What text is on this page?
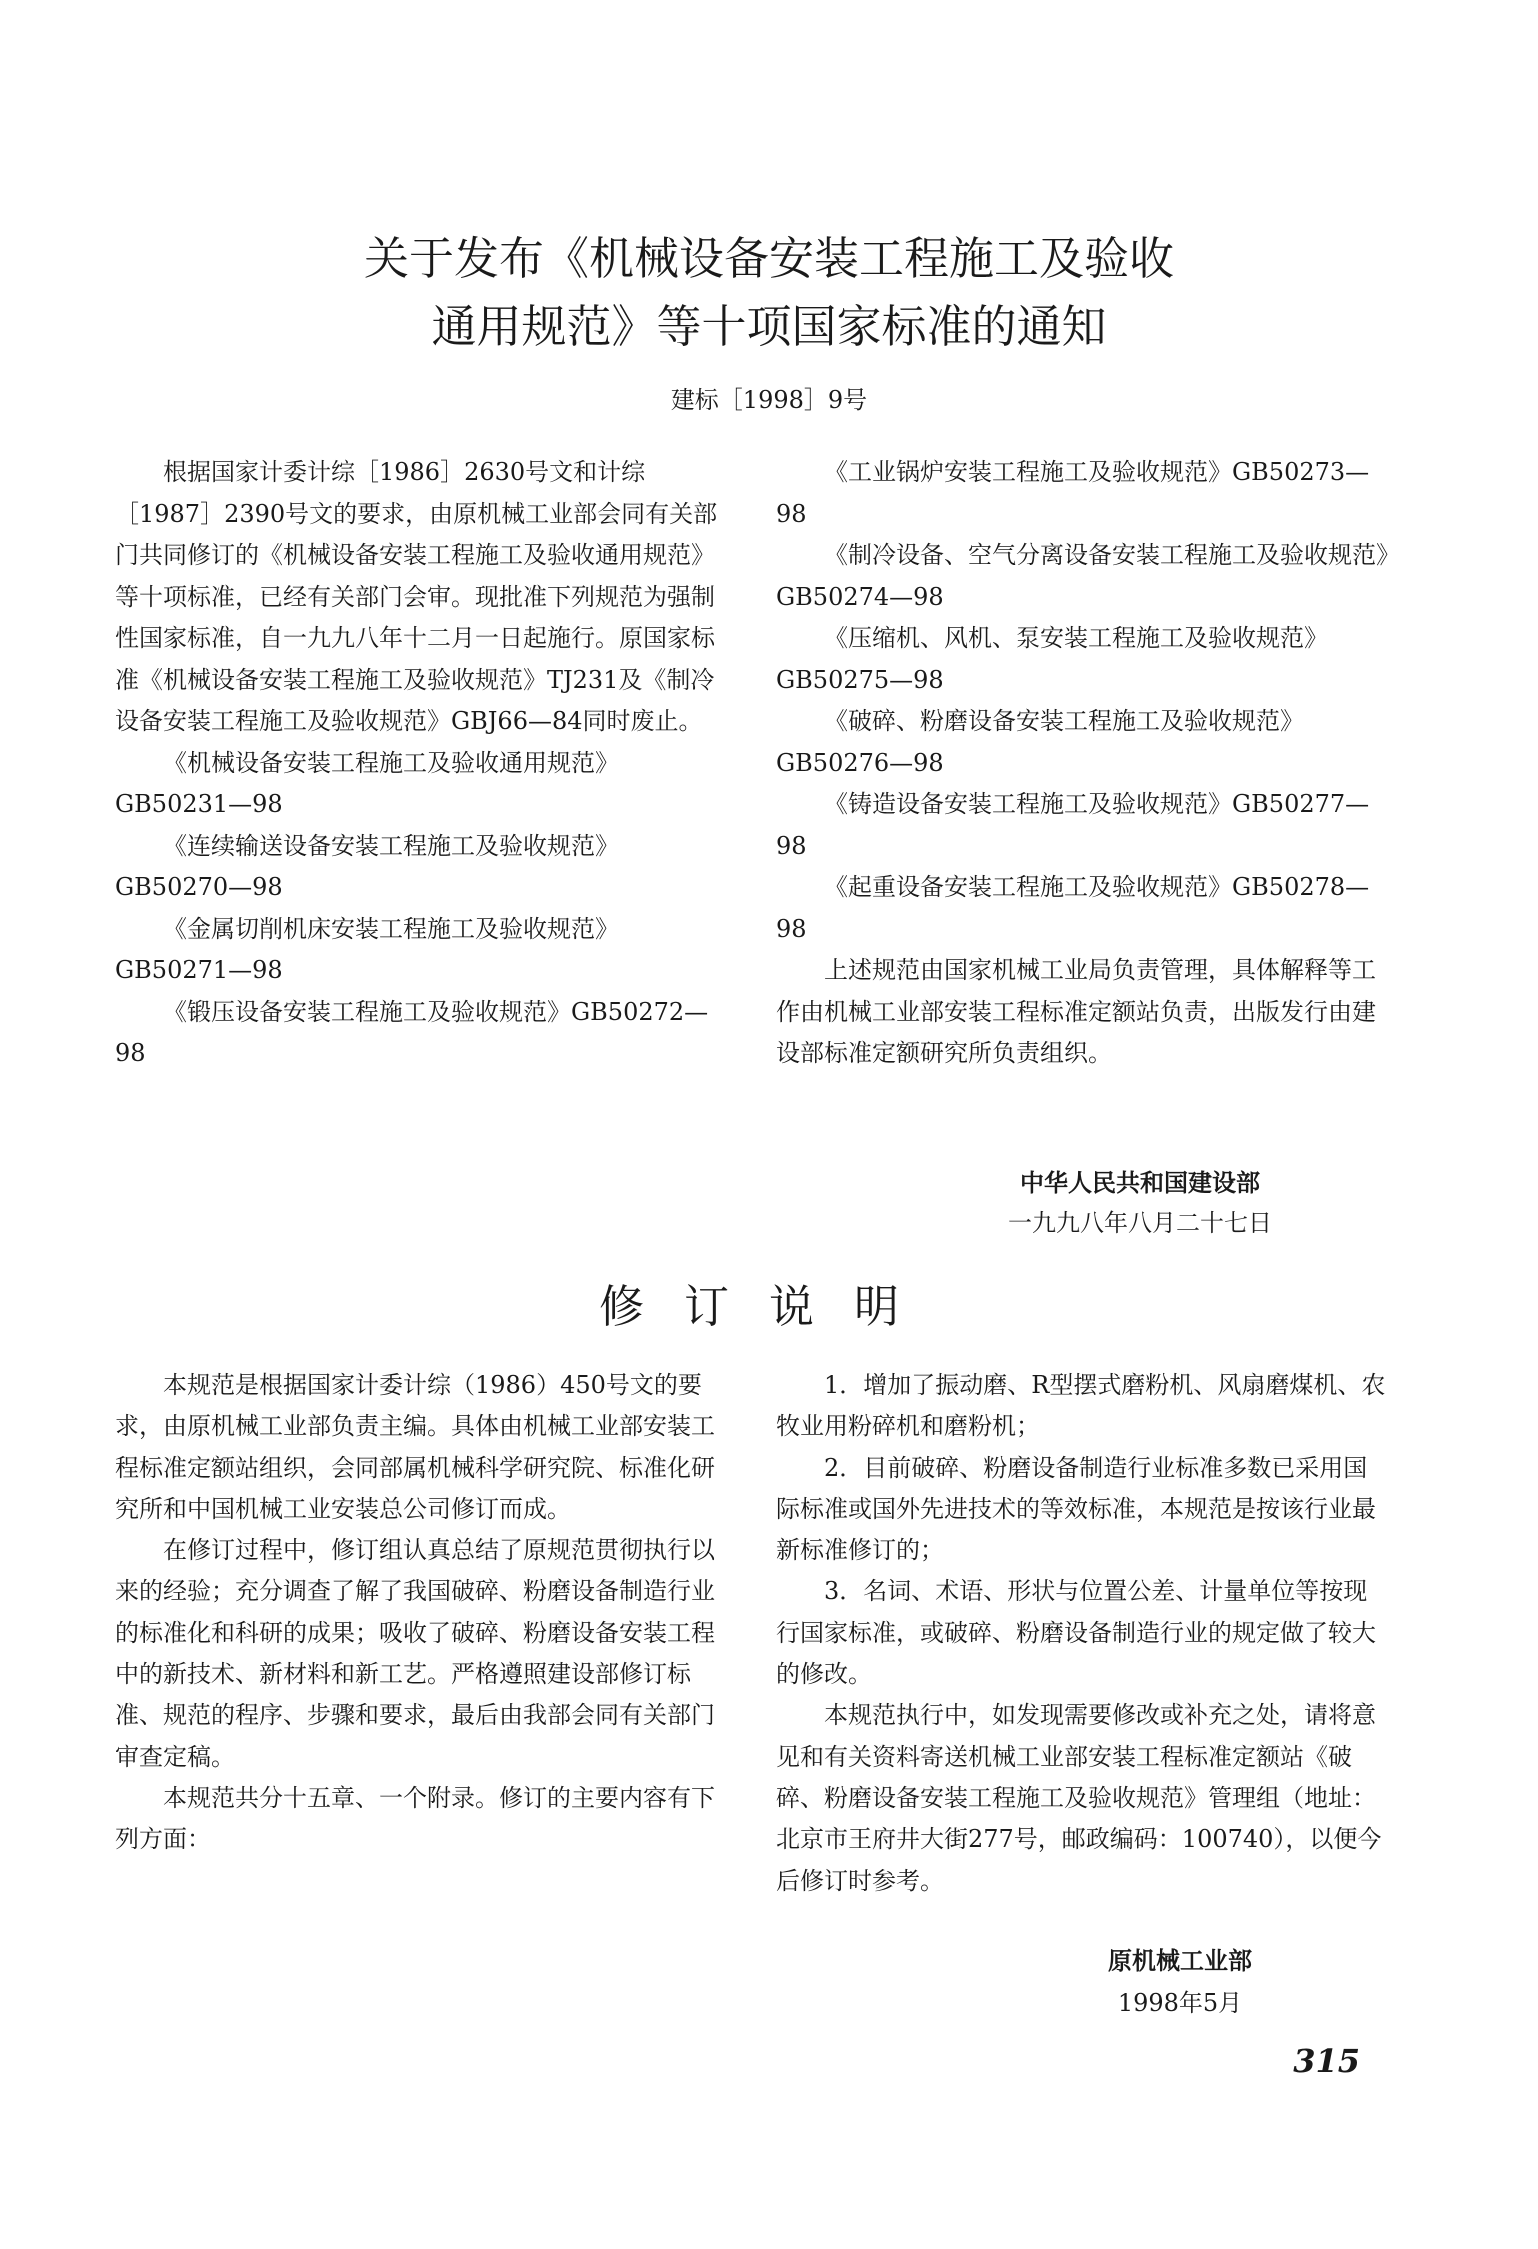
关于发布《机械设备安装工程施工及验收
通用规范》等十项国家标准的通知
建标［1998］9号

根据国家计委计综［1986］2630号文和计综［1987］2390号文的要求，由原机械工业部会同有关部门共同修订的《机械设备安装工程施工及验收通用规范》等十项标准，已经有关部门会审。现批准下列规范为强制性国家标准，自一九九八年十二月一日起施行。原国家标准《机械设备安装工程施工及验收规范》TJ231及《制冷设备安装工程施工及验收规范》GBJ66—84同时废止。

《机械设备安装工程施工及验收通用规范》GB50231—98

《连续输送设备安装工程施工及验收规范》GB50270—98

《金属切削机床安装工程施工及验收规范》GB50271—98

《锻压设备安装工程施工及验收规范》GB50272—98

《工业锅炉安装工程施工及验收规范》GB50273—98

《制冷设备、空气分离设备安装工程施工及验收规范》GB50274—98

《压缩机、风机、泵安装工程施工及验收规范》GB50275—98

《破碎、粉磨设备安装工程施工及验收规范》GB50276—98

《铸造设备安装工程施工及验收规范》GB50277—98

《起重设备安装工程施工及验收规范》GB50278—98

上述规范由国家机械工业局负责管理，具体解释等工作由机械工业部安装工程标准定额站负责，出版发行由建设部标准定额研究所负责组织。

中华人民共和国建设部
一九九八年八月二十七日
修订说明

本规范是根据国家计委计综（1986）450号文的要求，由原机械工业部负责主编。具体由机械工业部安装工程标准定额站组织，会同部属机械科学研究院、标准化研究所和中国机械工业安装总公司修订而成。

在修订过程中，修订组认真总结了原规范贯彻执行以来的经验；充分调查了解了我国破碎、粉磨设备制造行业的标准化和科研的成果；吸收了破碎、粉磨设备安装工程中的新技术、新材料和新工艺。严格遵照建设部修订标准、规范的程序、步骤和要求，最后由我部会同有关部门审查定稿。

本规范共分十五章、一个附录。修订的主要内容有下列方面：

1．增加了振动磨、R型摆式磨粉机、风扇磨煤机、农牧业用粉碎机和磨粉机；

2．目前破碎、粉磨设备制造行业标准多数已采用国际标准或国外先进技术的等效标准，本规范是按该行业最新标准修订的；

3．名词、术语、形状与位置公差、计量单位等按现行国家标准，或破碎、粉磨设备制造行业的规定做了较大的修改。

本规范执行中，如发现需要修改或补充之处，请将意见和有关资料寄送机械工业部安装工程标准定额站《破碎、粉磨设备安装工程施工及验收规范》管理组（地址：北京市王府井大街277号，邮政编码：100740），以便今后修订时参考。

原机械工业部
1998年5月
315
